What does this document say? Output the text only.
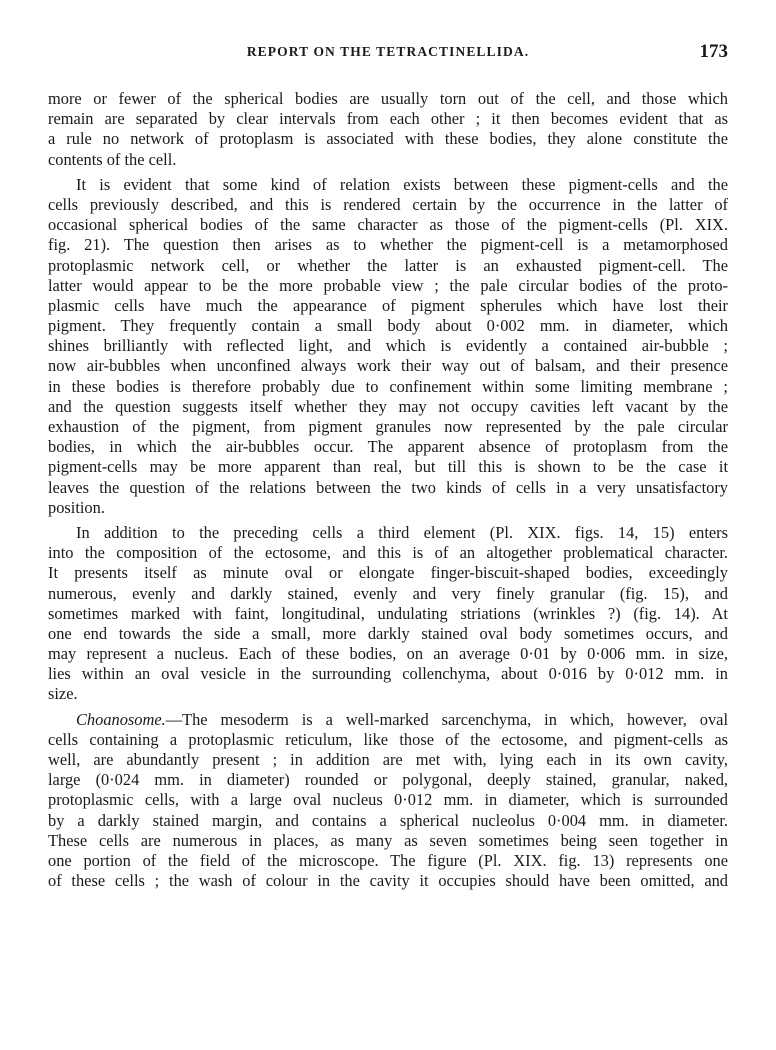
REPORT ON THE TETRACTINELLIDA.	173
more or fewer of the spherical bodies are usually torn out of the cell, and those which
remain are separated by clear intervals from each other ; it then becomes evident that as
a rule no network of protoplasm is associated with these bodies, they alone constitute the
contents of the cell.
It is evident that some kind of relation exists between these pigment-cells and the
cells previously described, and this is rendered certain by the occurrence in the latter of
occasional spherical bodies of the same character as those of the pigment-cells (Pl. XIX.
fig. 21). The question then arises as to whether the pigment-cell is a metamorphosed
protoplasmic network cell, or whether the latter is an exhausted pigment-cell. The
latter would appear to be the more probable view ; the pale circular bodies of the proto-
plasmic cells have much the appearance of pigment spherules which have lost their
pigment. They frequently contain a small body about 0·002 mm. in diameter, which
shines brilliantly with reflected light, and which is evidently a contained air-bubble ;
now air-bubbles when unconfined always work their way out of balsam, and their presence
in these bodies is therefore probably due to confinement within some limiting membrane ;
and the question suggests itself whether they may not occupy cavities left vacant by the
exhaustion of the pigment, from pigment granules now represented by the pale circular
bodies, in which the air-bubbles occur. The apparent absence of protoplasm from the
pigment-cells may be more apparent than real, but till this is shown to be the case it
leaves the question of the relations between the two kinds of cells in a very unsatisfactory
position.
In addition to the preceding cells a third element (Pl. XIX. figs. 14, 15) enters
into the composition of the ectosome, and this is of an altogether problematical character.
It presents itself as minute oval or elongate finger-biscuit-shaped bodies, exceedingly
numerous, evenly and darkly stained, evenly and very finely granular (fig. 15), and
sometimes marked with faint, longitudinal, undulating striations (wrinkles ?) (fig. 14). At
one end towards the side a small, more darkly stained oval body sometimes occurs, and
may represent a nucleus. Each of these bodies, on an average 0·01 by 0·006 mm. in size,
lies within an oval vesicle in the surrounding collenchyma, about 0·016 by 0·012 mm. in
size.
Choanosome.—The mesoderm is a well-marked sarcenchyma, in which, however, oval
cells containing a protoplasmic reticulum, like those of the ectosome, and pigment-cells as
well, are abundantly present ; in addition are met with, lying each in its own cavity,
large (0·024 mm. in diameter) rounded or polygonal, deeply stained, granular, naked,
protoplasmic cells, with a large oval nucleus 0·012 mm. in diameter, which is surrounded
by a darkly stained margin, and contains a spherical nucleolus 0·004 mm. in diameter.
These cells are numerous in places, as many as seven sometimes being seen together in
one portion of the field of the microscope. The figure (Pl. XIX. fig. 13) represents one
of these cells ; the wash of colour in the cavity it occupies should have been omitted, and
